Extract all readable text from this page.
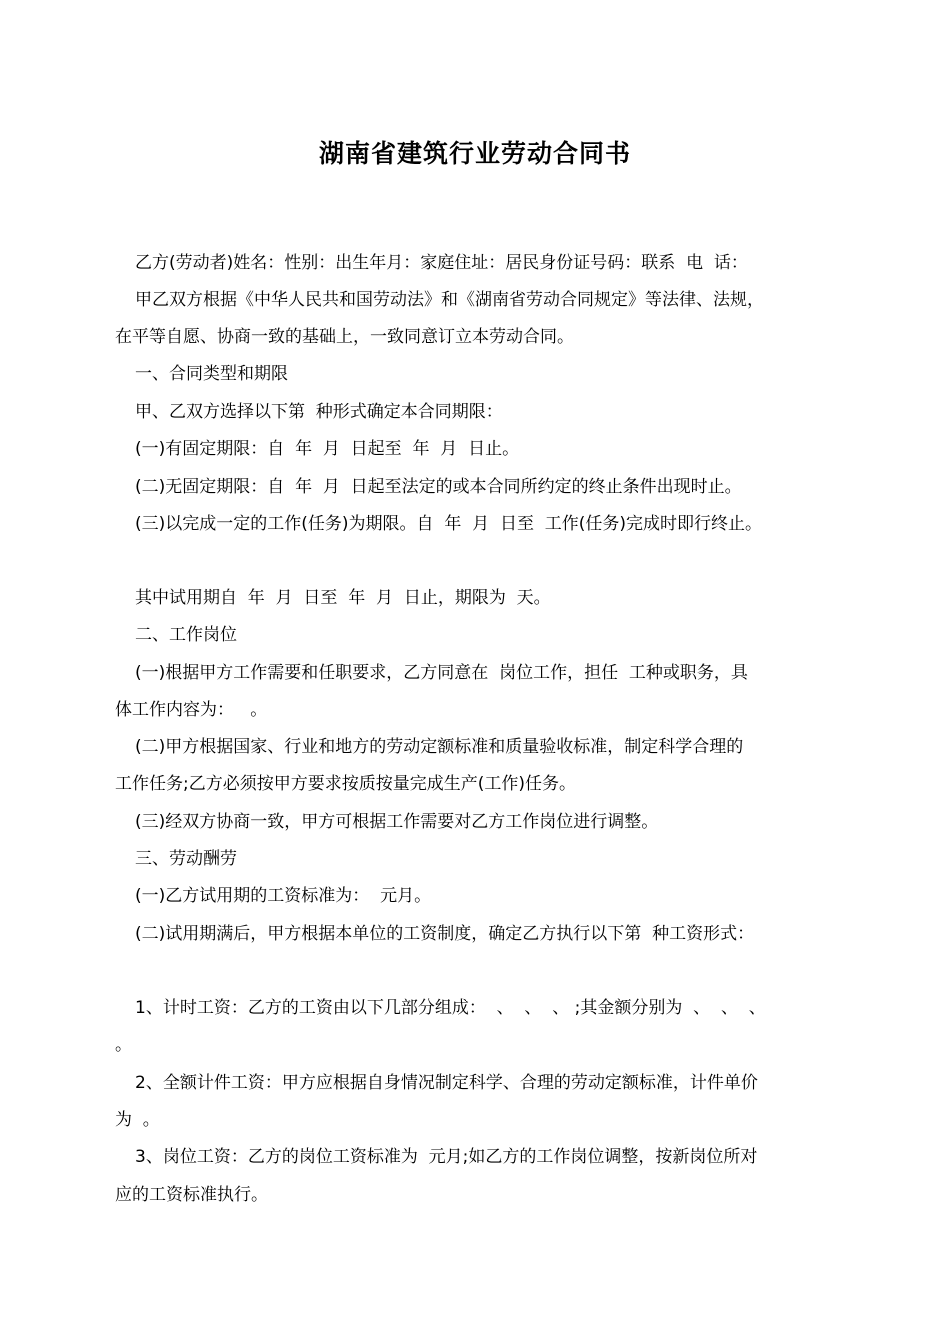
湖南省建筑行业劳动合同书
乙方(劳动者)姓名：性别：出生年月：家庭住址：居民身份证号码：联系  电  话：
甲乙双方根据《中华人民共和国劳动法》和《湖南省劳动合同规定》等法律、法规，
在平等自愿、协商一致的基础上，一致同意订立本劳动合同。
一、合同类型和期限
甲、乙双方选择以下第  种形式确定本合同期限：
(一)有固定期限：自  年  月  日起至  年  月  日止。
(二)无固定期限：自  年  月  日起至法定的或本合同所约定的终止条件出现时止。
(三)以完成一定的工作(任务)为期限。自  年  月  日至  工作(任务)完成时即行终止。
其中试用期自  年  月  日至  年  月  日止，期限为  天。
二、工作岗位
(一)根据甲方工作需要和任职要求，乙方同意在  岗位工作，担任  工种或职务，具
体工作内容为：   。
(二)甲方根据国家、行业和地方的劳动定额标准和质量验收标准，制定科学合理的
工作任务;乙方必须按甲方要求按质按量完成生产(工作)任务。
(三)经双方协商一致，甲方可根据工作需要对乙方工作岗位进行调整。
三、劳动酬劳
(一)乙方试用期的工资标准为：  元月。
(二)试用期满后，甲方根据本单位的工资制度，确定乙方执行以下第  种工资形式：
1、计时工资：乙方的工资由以下几部分组成：  、  、  、 ;其金额分别为  、  、  、
。
2、全额计件工资：甲方应根据自身情况制定科学、合理的劳动定额标准，计件单价
为  。
3、岗位工资：乙方的岗位工资标准为  元月;如乙方的工作岗位调整，按新岗位所对
应的工资标准执行。
